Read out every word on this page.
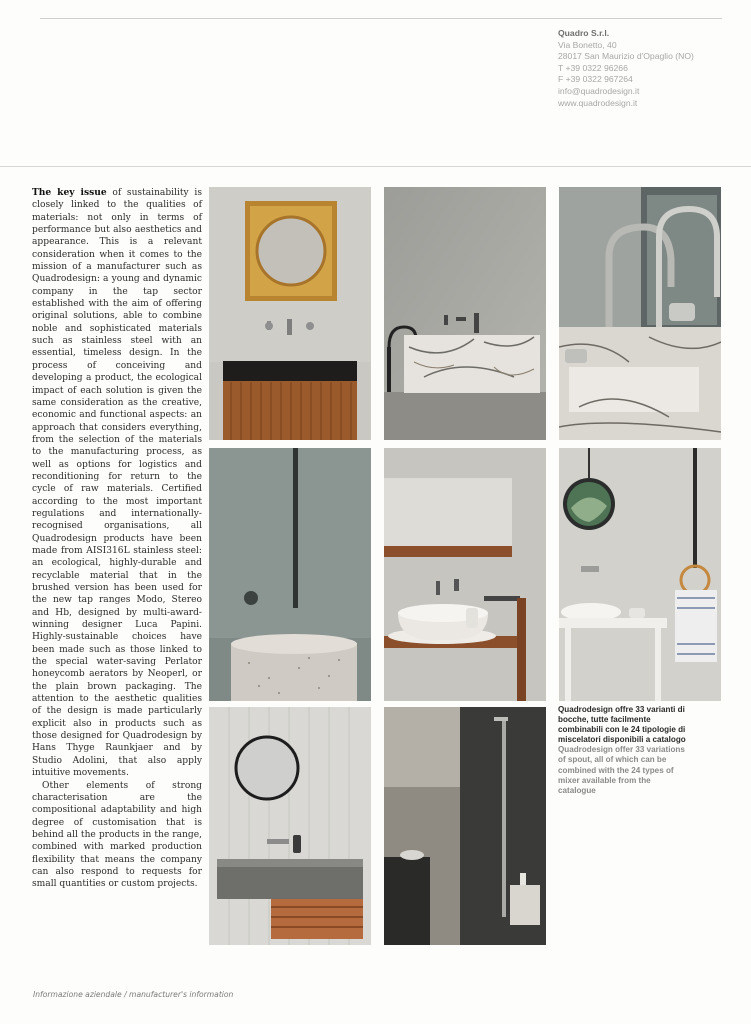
Quadro S.r.l.
Via Bonetto, 40
28017 San Maurizio d'Opaglio (NO)
T +39 0322 96266
F +39 0322 967264
info@quadrodesign.it
www.quadrodesign.it

The key issue of sustainability is closely linked to the qualities of materials: not only in terms of performance but also aesthetics and appearance. This is a relevant consideration when it comes to the mission of a manufacturer such as Quadrodesign: a young and dynamic company in the tap sector established with the aim of offering original solutions, able to combine noble and sophisticated materials such as stainless steel with an essential, timeless design. In the process of conceiving and developing a product, the ecological impact of each solution is given the same consideration as the creative, economic and functional aspects: an approach that considers everything, from the selection of the materials to the manufacturing process, as well as options for logistics and reconditioning for return to the cycle of raw materials. Certified according to the most important regulations and internationally-recognised organisations, all Quadrodesign products have been made from AISI316L stainless steel: an ecological, highly-durable and recyclable material that in the brushed version has been used for the new tap ranges Modo, Stereo and Hb, designed by multi-award-winning designer Luca Papini. Highly-sustainable choices have been made such as those linked to the special water-saving Perlator honeycomb aerators by Neoperl, or the plain brown packaging. The attention to the aesthetic qualities of the design is made particularly explicit also in products such as those designed for Quadrodesign by Hans Thyge Raunkjaer and by Studio Adolini, that also apply intuitive movements.

Other elements of strong characterisation are the compositional adaptability and high degree of customisation that is behind all the products in the range, combined with marked production flexibility that means the company can also respond to requests for small quantities or custom projects.

Quadrodesign offre 33 varianti di bocche, tutte facilmente combinabili con le 24 tipologie di miscelatori disponibili a catalogo
Quadrodesign offer 33 variations of spout, all of which can be combined with the 24 types of mixer available from the catalogue
Informazione aziendale / manufacturer's information
